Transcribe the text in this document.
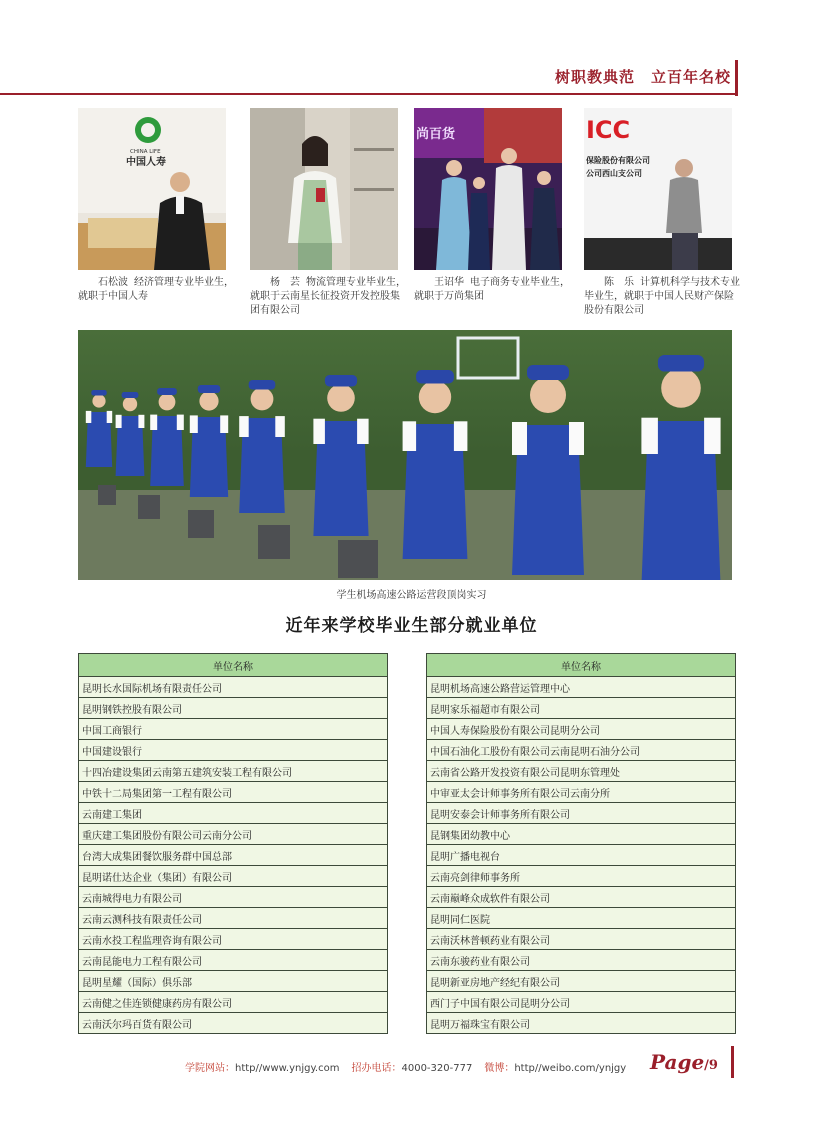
树职教典范 立百年名校
CHINA LIFE
中国人寿
尚百货	ICC
保险股份有限公司
公司西山支公司
石松波 经济管理专业毕业生，就职于中国人寿
杨　芸 物流管理专业毕业生，就职于云南星长征投资开发控股集团有限公司
王诏华 电子商务专业毕业生，就职于万尚集团
陈　乐 计算机科学与技术专业毕业生，就职于中国人民财产保险股份有限公司
学生机场高速公路运营段顶岗实习
近年来学校毕业生部分就业单位
单位名称
昆明长水国际机场有限责任公司
昆明钢铁控股有限公司
中国工商银行
中国建设银行
十四冶建设集团云南第五建筑安装工程有限公司
中铁十二局集团第一工程有限公司
云南建工集团
重庆建工集团股份有限公司云南分公司
台湾大成集团餐饮服务群中国总部
昆明诺仕达企业（集团）有限公司
云南城得电力有限公司
云南云测科技有限责任公司
云南水投工程监理咨询有限公司
云南昆能电力工程有限公司
昆明星耀（国际）俱乐部
云南健之佳连锁健康药房有限公司
云南沃尔玛百货有限公司
单位名称
昆明机场高速公路营运管理中心
昆明家乐福超市有限公司
中国人寿保险股份有限公司昆明分公司
中国石油化工股份有限公司云南昆明石油分公司
云南省公路开发投资有限公司昆明东管理处
中审亚太会计师事务所有限公司云南分所
昆明安泰会计师事务所有限公司
昆钢集团幼教中心
昆明广播电视台
云南亮剑律师事务所
云南巅峰众成软件有限公司
昆明同仁医院
云南沃林普顿药业有限公司
云南东骏药业有限公司
昆明新亚房地产经纪有限公司
西门子中国有限公司昆明分公司
昆明万福珠宝有限公司
学院网站：http//www.ynjgy.com 招办电话：4000-320-777 微博：http//weibo.com/ynjgy Page/9
